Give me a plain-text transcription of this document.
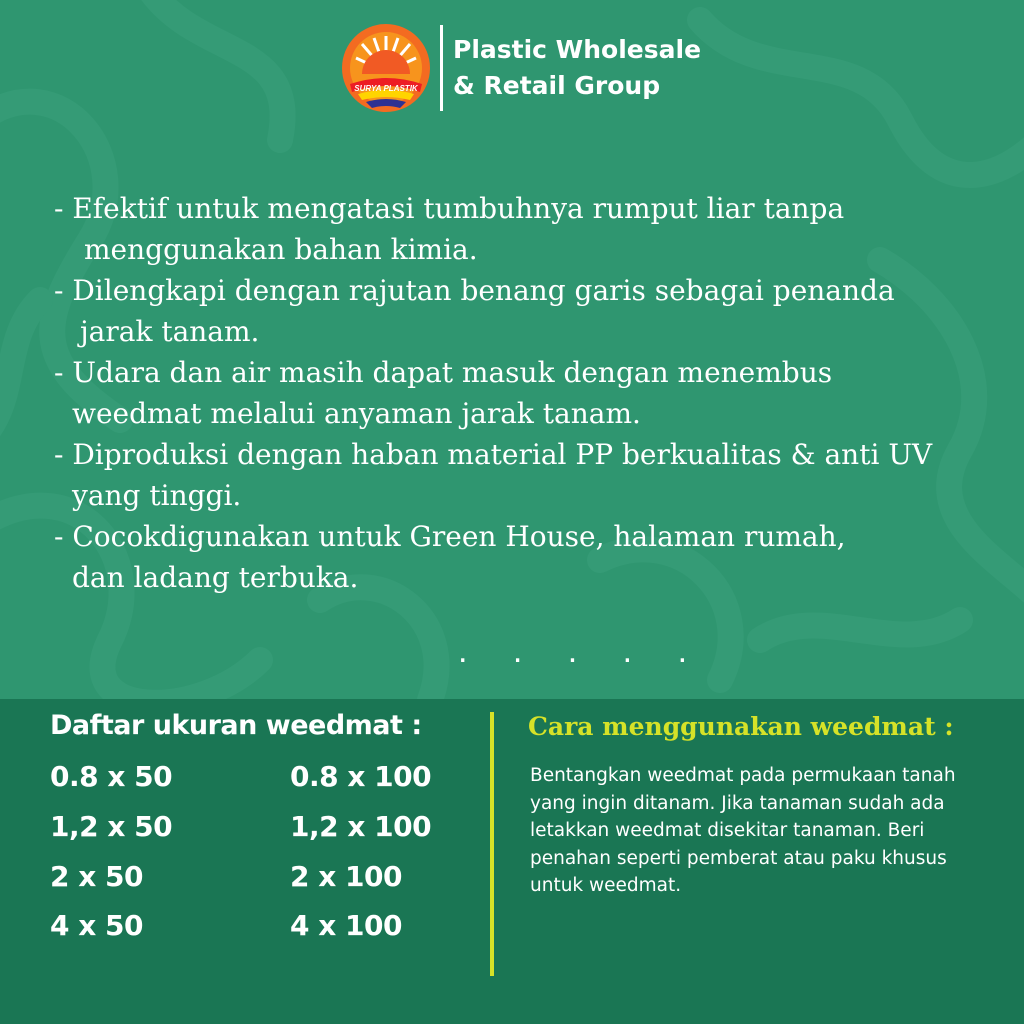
SURYA PLASTIK
Plastic Wholesale
& Retail Group

- Efektif untuk mengatasi tumbuhnya rumput liar tanpa
menggunakan bahan kimia.

- Dilengkapi dengan rajutan benang garis sebagai penanda
jarak tanam.

- Udara dan air masih dapat masuk dengan menembus
weedmat melalui anyaman jarak tanam.

- Diproduksi dengan haban material PP berkualitas & anti UV
yang tinggi.

- Cocokdigunakan untuk Green House, halaman rumah,
dan ladang terbuka.

. . . . .
Daftar ukuran weedmat :
0.8 x 50
1,2 x 50
2 x 50
4 x 50
0.8 x 100
1,2 x 100
2 x 100
4 x 100
Cara menggunakan weedmat :
Bentangkan weedmat pada permukaan tanah
yang ingin ditanam. Jika tanaman sudah ada
letakkan weedmat disekitar tanaman. Beri
penahan seperti pemberat atau paku khusus
untuk weedmat.
